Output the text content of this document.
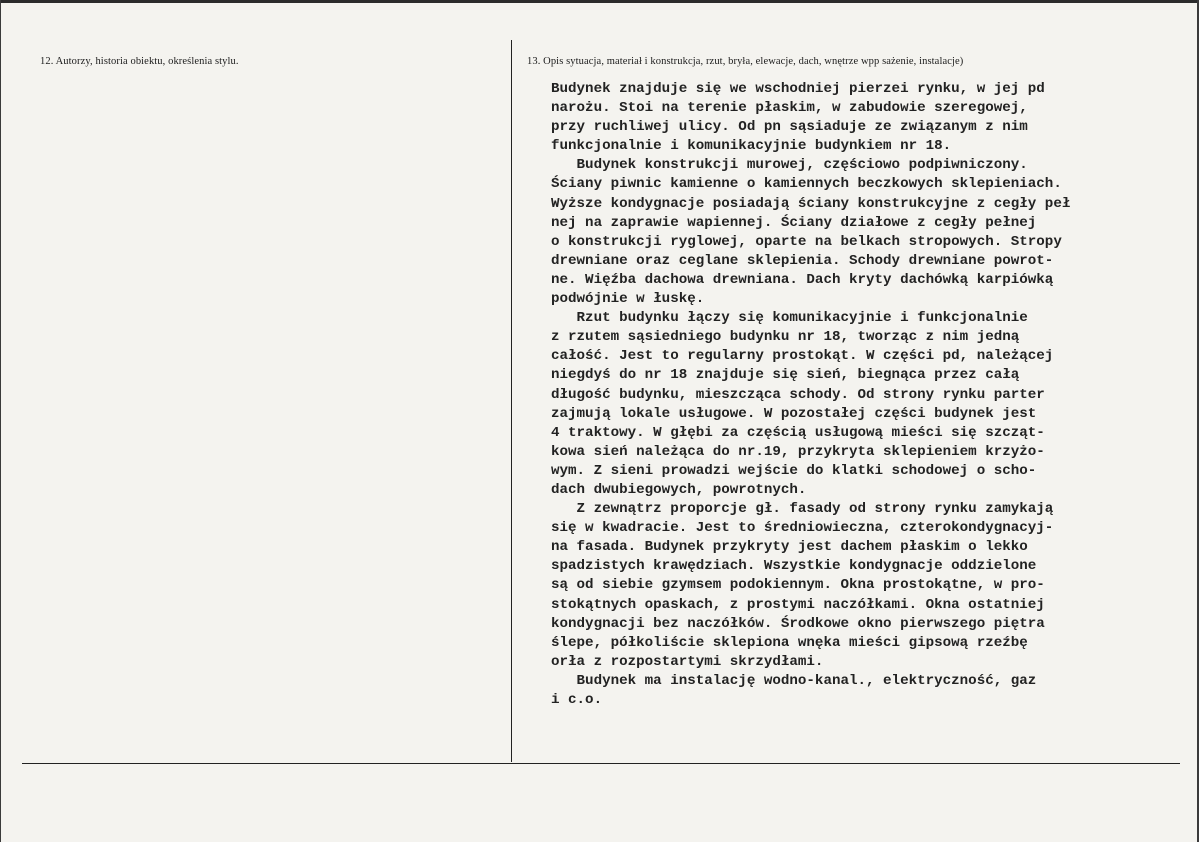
12. Autorzy, historia obiektu, określenia stylu.	13. Opis sytuacja, materiał i konstrukcja, rzut, bryła, elewacje, dach, wnętrze wpp sażenie, instalacje)
Budynek znajduje się we wschodniej pierzei rynku, w jej pd
narożu. Stoi na terenie płaskim, w zabudowie szeregowej,
przy ruchliwej ulicy. Od pn sąsiaduje ze związanym z nim
funkcjonalnie i komunikacyjnie budynkiem nr 18.
Budynek konstrukcji murowej, częściowo podpiwniczony.
Ściany piwnic kamienne o kamiennych beczkowych sklepieniach.
Wyższe kondygnacje posiadają ściany konstrukcyjne z cegły peł
nej na zaprawie wapiennej. Ściany działowe z cegły pełnej
o konstrukcji ryglowej, oparte na belkach stropowych. Stropy
drewniane oraz ceglane sklepienia. Schody drewniane powrot-
ne. Więźba dachowa drewniana. Dach kryty dachówką karpiówką
podwójnie w łuskę.
Rzut budynku łączy się komunikacyjnie i funkcjonalnie
z rzutem sąsiedniego budynku nr 18, tworząc z nim jedną
całość. Jest to regularny prostokąt. W części pd, należącej
niegdyś do nr 18 znajduje się sień, biegnąca przez całą
długość budynku, mieszcząca schody. Od strony rynku parter
zajmują lokale usługowe. W pozostałej części budynek jest
4 traktowy. W głębi za częścią usługową mieści się szcząt-
kowa sień należąca do nr.19, przykryta sklepieniem krzyżo-
wym. Z sieni prowadzi wejście do klatki schodowej o scho-
dach dwubiegowych, powrotnych.
Z zewnątrz proporcje gł. fasady od strony rynku zamykają
się w kwadracie. Jest to średniowieczna, czterokondygnacyj-
na fasada. Budynek przykryty jest dachem płaskim o lekko
spadzistych krawędziach. Wszystkie kondygnacje oddzielone
są od siebie gzymsem podokiennym. Okna prostokątne, w pro-
stokątnych opaskach, z prostymi naczółkami. Okna ostatniej
kondygnacji bez naczółków. Środkowe okno pierwszego piętra
ślepe, półkoliście sklepiona wnęka mieści gipsową rzeźbę
orła z rozpostartymi skrzydłami.
Budynek ma instalację wodno-kanal., elektryczność, gaz
i c.o.
